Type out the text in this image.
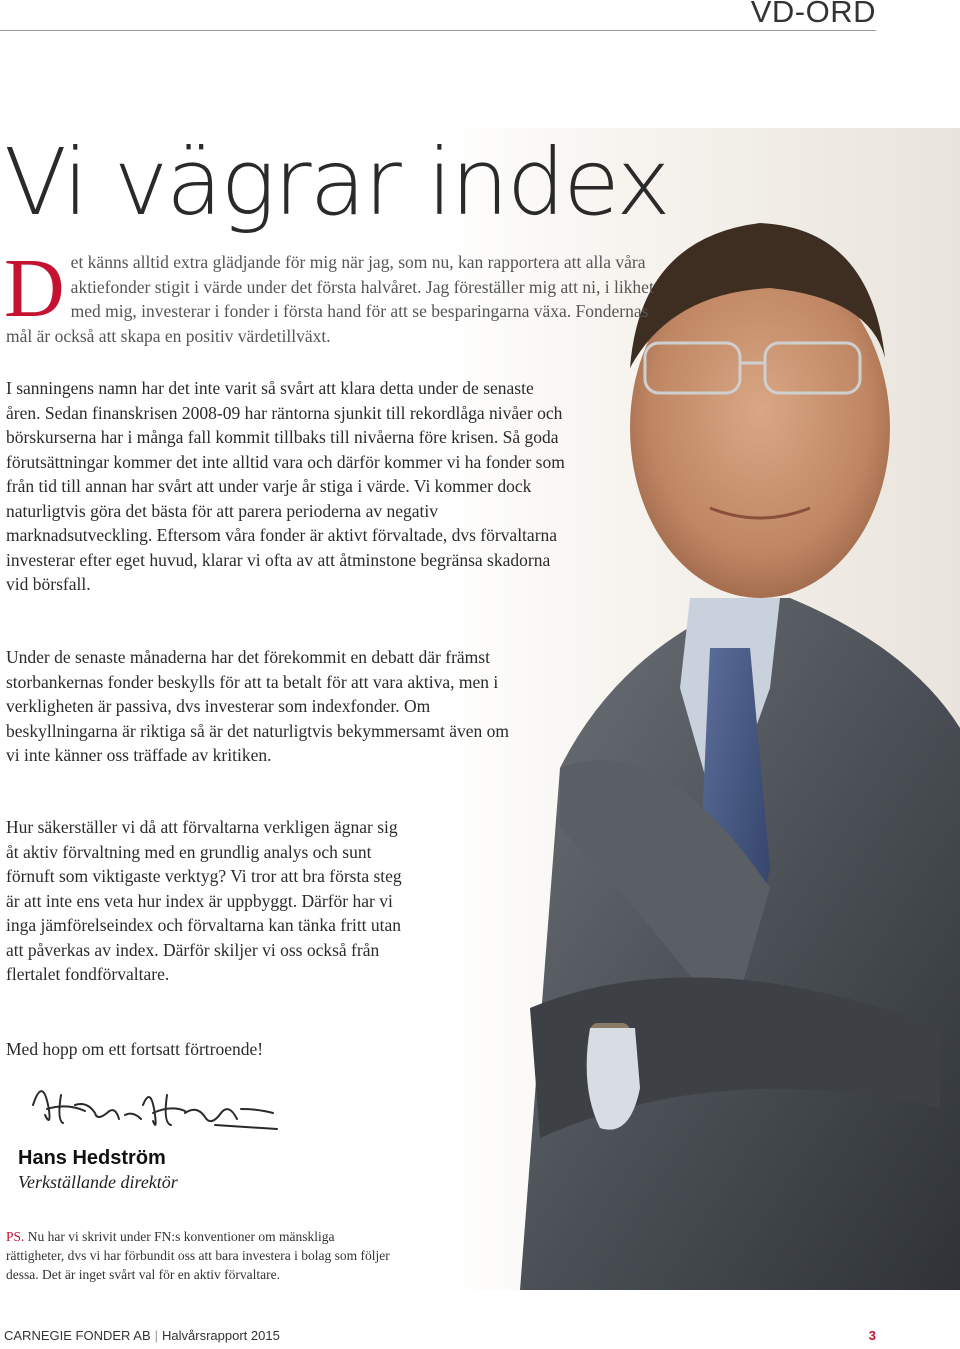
VD-ORD
Vi vägrar index

Det känns alltid extra glädjande för mig när jag, som nu, kan rapportera att alla våra aktiefonder stigit i värde under det första halvåret. Jag föreställer mig att ni, i likhet med mig, investerar i fonder i första hand för att se besparingarna växa. Fondernas mål är också att skapa en positiv värdetillväxt.

I sanningens namn har det inte varit så svårt att klara detta under de senaste åren. Sedan finanskrisen 2008-09 har räntorna sjunkit till rekordlåga nivåer och börskurserna har i många fall kommit tillbaks till nivåerna före krisen. Så goda förutsättningar kommer det inte alltid vara och därför kommer vi ha fonder som från tid till annan har svårt att under varje år stiga i värde. Vi kommer dock naturligtvis göra det bästa för att parera perioderna av negativ marknadsutveckling. Eftersom våra fonder är aktivt förvaltade, dvs förvaltarna investerar efter eget huvud, klarar vi ofta av att åtminstone begränsa skadorna vid börsfall.

Under de senaste månaderna har det förekommit en debatt där främst storbankernas fonder beskylls för att ta betalt för att vara aktiva, men i verkligheten är passiva, dvs investerar som indexfonder. Om beskyllningarna är riktiga så är det naturligtvis bekymmersamt även om vi inte känner oss träffade av kritiken.

Hur säkerställer vi då att förvaltarna verkligen ägnar sig åt aktiv förvaltning med en grundlig analys och sunt förnuft som viktigaste verktyg? Vi tror att bra första steg är att inte ens veta hur index är uppbyggt. Därför har vi inga jämförelseindex och förvaltarna kan tänka fritt utan att påverkas av index. Därför skiljer vi oss också från flertalet fondförvaltare.

Med hopp om ett fortsatt förtroende!

Hans Hedström
Verkställande direktör

PS. Nu har vi skrivit under FN:s konventioner om mänskliga rättigheter, dvs vi har förbundit oss att bara investera i bolag som följer dessa. Det är inget svårt val för en aktiv förvaltare.

CARNEGIE FONDER AB | Halvårsrapport 2015	3
